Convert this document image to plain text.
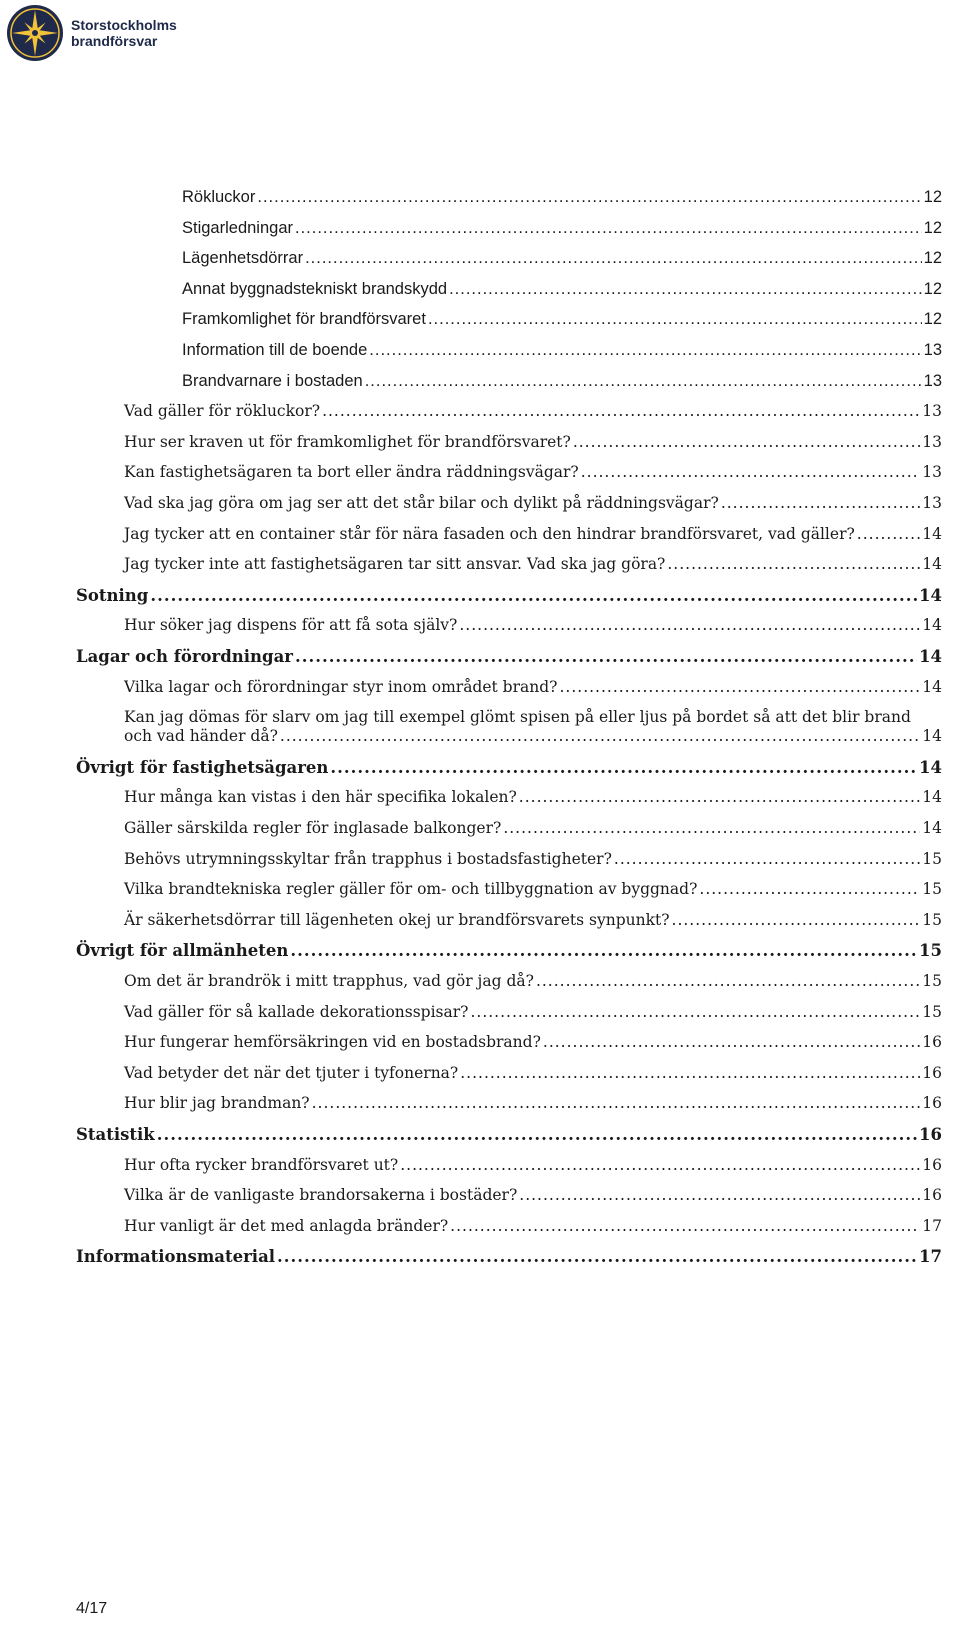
Storstockholms
brandförsvar
Rökluckor .....	12
Stigarledningar .....	12
Lägenhetsdörrar .....	12
Annat byggnadstekniskt brandskydd .....	12
Framkomlighet för brandförsvaret .....	12
Information till de boende .....	13
Brandvarnare i bostaden .....	13
Vad gäller för rökluckor? .....	13
Hur ser kraven ut för framkomlighet för brandförsvaret? .....	13
Kan fastighetsägaren ta bort eller ändra räddningsvägar? .....	13
Vad ska jag göra om jag ser att det står bilar och dylikt på räddningsvägar? .....	13
Jag tycker att en container står för nära fasaden och den hindrar brandförsvaret, vad gäller? .....	14
Jag tycker inte att fastighetsägaren tar sitt ansvar. Vad ska jag göra? .....	14
Sotning .....	14
Hur söker jag dispens för att få sota själv? .....	14
Lagar och förordningar .....	14
Vilka lagar och förordningar styr inom området brand? .....	14
Kan jag dömas för slarv om jag till exempel glömt spisen på eller ljus på bordet så att det blir brand
och vad händer då? .....	14
Övrigt för fastighetsägaren .....	14
Hur många kan vistas i den här specifika lokalen? .....	14
Gäller särskilda regler för inglasade balkonger? .....	14
Behövs utrymningsskyltar från trapphus i bostadsfastigheter? .....	15
Vilka brandtekniska regler gäller för om- och tillbyggnation av byggnad? .....	15
Är säkerhetsdörrar till lägenheten okej ur brandförsvarets synpunkt? .....	15
Övrigt för allmänheten .....	15
Om det är brandrök i mitt trapphus, vad gör jag då? .....	15
Vad gäller för så kallade dekorationsspisar? .....	15
Hur fungerar hemförsäkringen vid en bostadsbrand? .....	16
Vad betyder det när det tjuter i tyfonerna? .....	16
Hur blir jag brandman? .....	16
Statistik .....	16
Hur ofta rycker brandförsvaret ut? .....	16
Vilka är de vanligaste brandorsakerna i bostäder? .....	16
Hur vanligt är det med anlagda bränder? .....	17
Informationsmaterial .....	17
4/17
